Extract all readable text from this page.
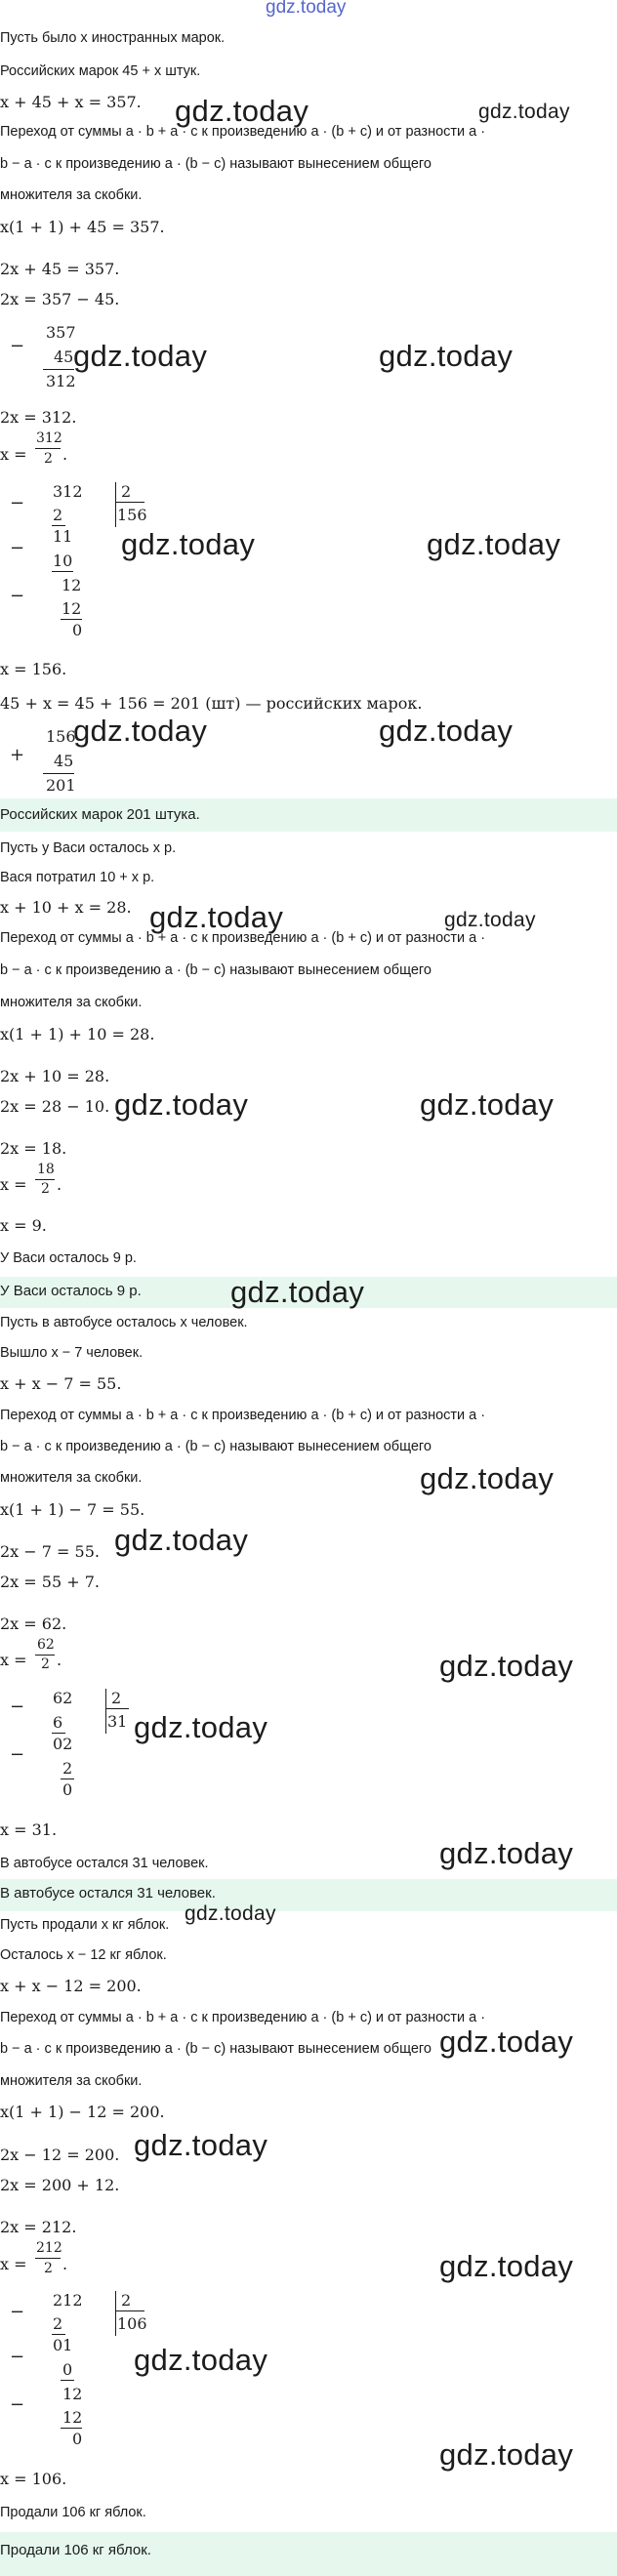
gdz.today
Пусть было x иностранных марок.
Российских марок 45 + x штук.
x + 45 + x = 357.
Переход от суммы a · b + a · c к произведению a · (b + c) и от разности a ·
b − a · c к произведению a · (b − c) называют вынесением общего
множителя за скобки.
x(1 + 1) + 45 = 357.
2x + 45 = 357.
2x = 357 − 45.
−
357
45
312
2x = 312.
x =
312
2 .
−
−
−
312
2
11
10
12
12
0
2
156
x = 156.
45 + x = 45 + 156 = 201 (шт) — российских марок.
+
156
45
201
Российских марок 201 штука.
Пусть у Васи осталось x р.
Вася потратил 10 + x р.
x + 10 + x = 28.
Переход от суммы a · b + a · c к произведению a · (b + c) и от разности a ·
b − a · c к произведению a · (b − c) называют вынесением общего
множителя за скобки.
x(1 + 1) + 10 = 28.
2x + 10 = 28.
2x = 28 − 10.
2x = 18.
x =
18
2 .
x = 9.
У Васи осталось 9 р.
У Васи осталось 9 р.
Пусть в автобусе осталось x человек.
Вышло x − 7 человек.
x + x − 7 = 55.
Переход от суммы a · b + a · c к произведению a · (b + c) и от разности a ·
b − a · c к произведению a · (b − c) называют вынесением общего
множителя за скобки.
x(1 + 1) − 7 = 55.
2x − 7 = 55.
2x = 55 + 7.
2x = 62.
x =
62
2 .
−
−
62
6
02
2
0
2
31
x = 31.
В автобусе остался 31 человек.
В автобусе остался 31 человек.
Пусть продали x кг яблок.
Осталось x − 12 кг яблок.
x + x − 12 = 200.
Переход от суммы a · b + a · c к произведению a · (b + c) и от разности a ·
b − a · c к произведению a · (b − c) называют вынесением общего
множителя за скобки.
x(1 + 1) − 12 = 200.
2x − 12 = 200.
2x = 200 + 12.
2x = 212.
x =
212
2 .
−
−
−
212
2
01
0
12
12
0
2
106
x = 106.
Продали 106 кг яблок.
Продали 106 кг яблок.
gdz.today	gdz.today
gdz.today	gdz.today
gdz.today	gdz.today
gdz.today	gdz.today
gdz.today	gdz.today
gdz.today	gdz.today
gdz.today
gdz.today
gdz.today
gdz.today
gdz.today
gdz.today
gdz.today
gdz.today
gdz.today
gdz.today
gdz.today
gdz.today
